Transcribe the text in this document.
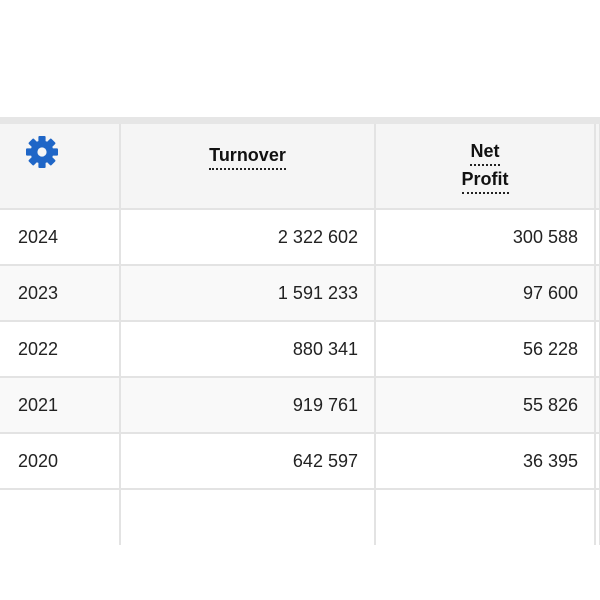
	Turnover	Net
Profit	
2024	2 322 602	300 588	
2023	1 591 233	97 600	
2022	880 341	56 228	
2021	919 761	55 826	
2020	642 597	36 395	
